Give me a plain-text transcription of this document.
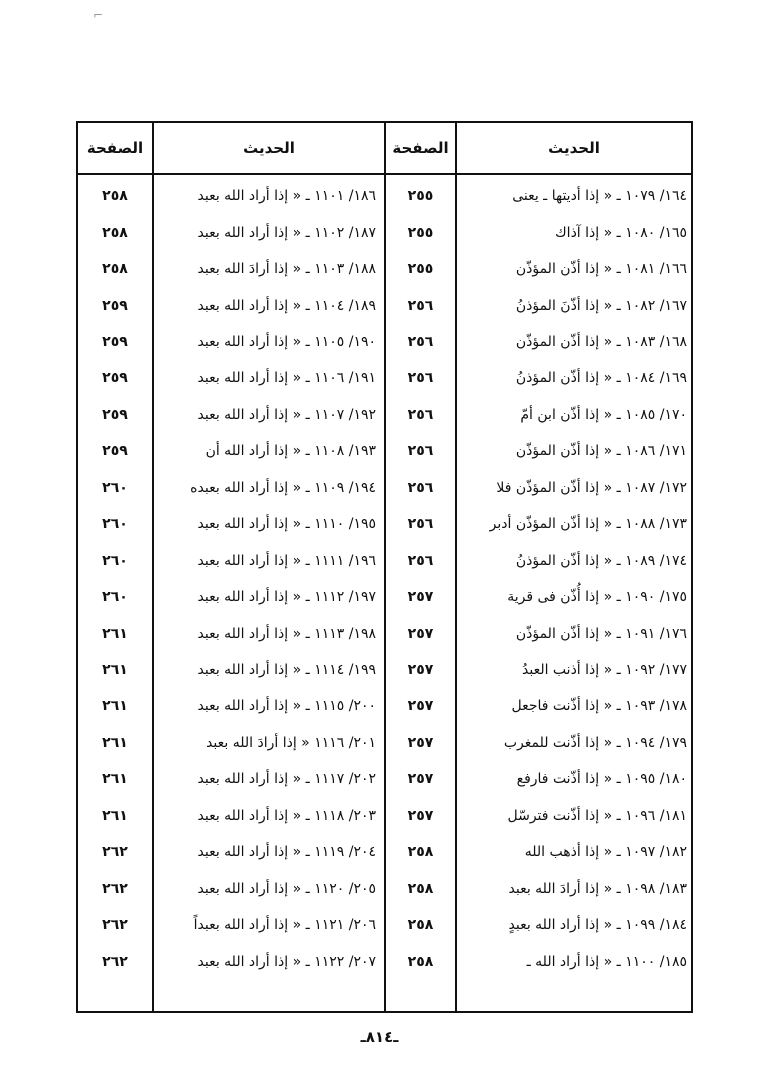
⌐
الصفحة	الحديث	الصفحة	الحديث
٢٥٨	١٨٦/ ١١٠١ ـ « إذا أراد الله بعبد	٢٥٥	١٦٤/ ١٠٧٩ ـ « إذا أديتها ـ يعنى
٢٥٨	١٨٧/ ١١٠٢ ـ « إذا أراد الله بعبد	٢٥٥	١٦٥/ ١٠٨٠ ـ « إذا آذاك
٢٥٨	١٨٨/ ١١٠٣ ـ « إذا أرادَ الله بعبد	٢٥٥	١٦٦/ ١٠٨١ ـ « إذا أذّن المؤذّن
٢٥٩	١٨٩/ ١١٠٤ ـ « إذا أراد الله بعبد	٢٥٦	١٦٧/ ١٠٨٢ ـ « إذا أذّنَ المؤذنُ
٢٥٩	١٩٠/ ١١٠٥ ـ « إذا أراد الله بعبد	٢٥٦	١٦٨/ ١٠٨٣ ـ « إذا أذّن المؤذّن
٢٥٩	١٩١/ ١١٠٦ ـ « إذا أراد الله بعبد	٢٥٦	١٦٩/ ١٠٨٤ ـ « إذا أذّن المؤذنُ
٢٥٩	١٩٢/ ١١٠٧ ـ « إذا أراد الله بعبد	٢٥٦	١٧٠/ ١٠٨٥ ـ « إذا أذّن ابن أمّ
٢٥٩	١٩٣/ ١١٠٨ ـ « إذا أراد الله أن	٢٥٦	١٧١/ ١٠٨٦ ـ « إذا أذّن المؤذّن
٢٦٠	١٩٤/ ١١٠٩ ـ « إذا أراد الله بعبده	٢٥٦	١٧٢/ ١٠٨٧ ـ « إذا أذّن المؤذّن فلا
٢٦٠	١٩٥/ ١١١٠ ـ « إذا أراد الله بعبد	٢٥٦	١٧٣/ ١٠٨٨ ـ « إذا أذّن المؤذّن أدبر
٢٦٠	١٩٦/ ١١١١ ـ « إذا أراد الله بعبد	٢٥٦	١٧٤/ ١٠٨٩ ـ « إذا أذّن المؤذنُ
٢٦٠	١٩٧/ ١١١٢ ـ « إذا أراد الله بعبد	٢٥٧	١٧٥/ ١٠٩٠ ـ « إذا أُذّن فى قرية
٢٦١	١٩٨/ ١١١٣ ـ « إذا أراد الله بعبد	٢٥٧	١٧٦/ ١٠٩١ ـ « إذا أذّن المؤذّن
٢٦١	١٩٩/ ١١١٤ ـ « إذا أراد الله بعبد	٢٥٧	١٧٧/ ١٠٩٢ ـ « إذا أذنب العبدُ
٢٦١	٢٠٠/ ١١١٥ ـ « إذا أراد الله بعبد	٢٥٧	١٧٨/ ١٠٩٣ ـ « إذا أذّنت فاجعل
٢٦١	٢٠١/ ١١١٦ « إذا أرادَ الله بعبد	٢٥٧	١٧٩/ ١٠٩٤ ـ « إذا أذّنت للمغرب
٢٦١	٢٠٢/ ١١١٧ ـ « إذا أراد الله بعبد	٢٥٧	١٨٠/ ١٠٩٥ ـ « إذا أذّنت فارفع
٢٦١	٢٠٣/ ١١١٨ ـ « إذا أراد الله بعبد	٢٥٧	١٨١/ ١٠٩٦ ـ « إذا أذّنت فترسّل
٢٦٢	٢٠٤/ ١١١٩ ـ « إذا أراد الله بعبد	٢٥٨	١٨٢/ ١٠٩٧ ـ « إذا أذهب الله
٢٦٢	٢٠٥/ ١١٢٠ ـ « إذا أراد الله بعبد	٢٥٨	١٨٣/ ١٠٩٨ ـ « إذا أرادَ الله بعبد
٢٦٢	٢٠٦/ ١١٢١ ـ « إذا أراد الله بعبداً	٢٥٨	١٨٤/ ١٠٩٩ ـ « إذا أراد الله بعبدٍ
٢٦٢	٢٠٧/ ١١٢٢ ـ « إذا أراد الله بعبد	٢٥٨	١٨٥/ ١١٠٠ ـ « إذا أراد الله ـ
ـ٨١٤ـ
